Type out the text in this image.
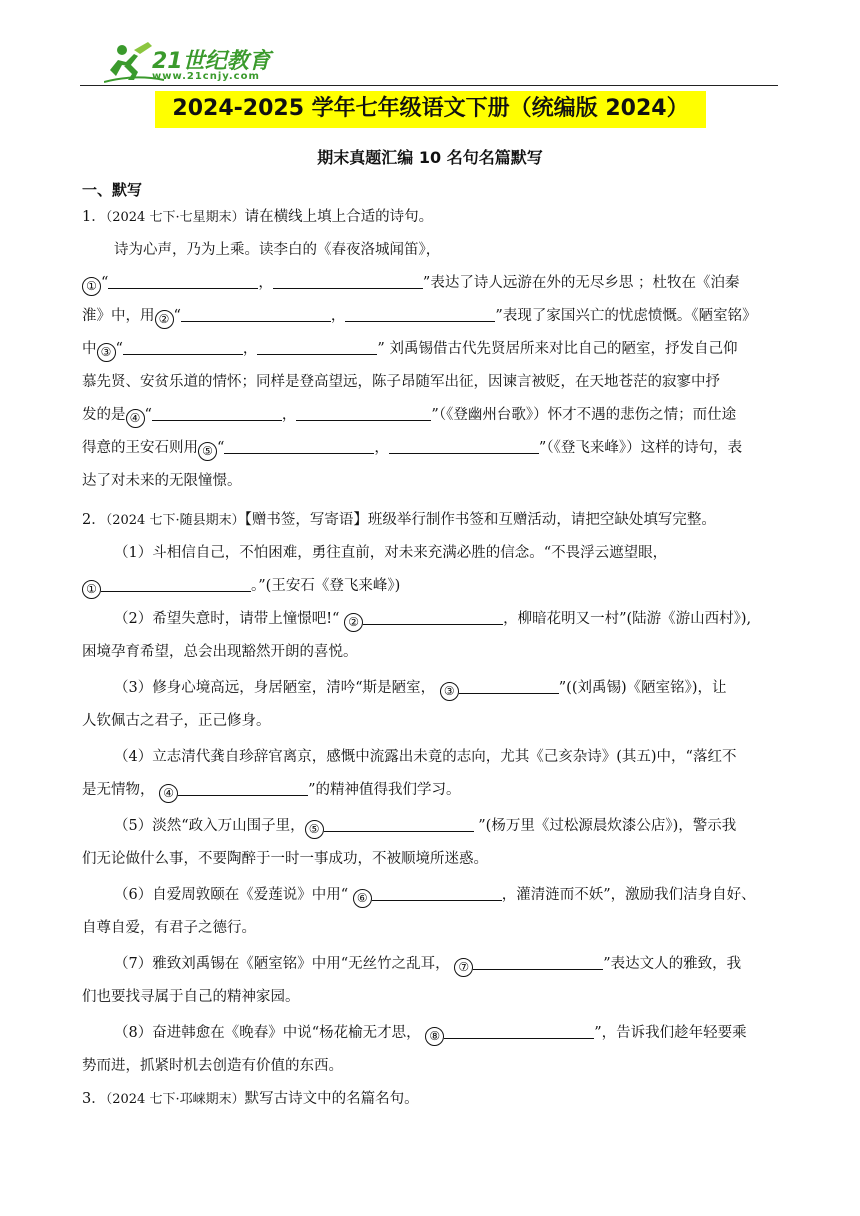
21世纪教育
www.21cnjy.com
2024-2025 学年七年级语文下册（统编版 2024）
期末真题汇编 10 名句名篇默写
一、默写
1．（2024 七下·七星期末）请在横线上填上合适的诗句。
诗为心声，乃为上乘。读李白的《春夜洛城闻笛》，
① “	，	”表达了诗人远游在外的无尽乡思 ；杜牧在《泊秦
淮》中，用 ② “	，	”表现了家国兴亡的忧虑愤慨。《陋室铭》
中 ③ “	，	” 刘禹锡借古代先贤居所来对比自己的陋室，抒发自己仰
慕先贤、安贫乐道的情怀；同样是登高望远，陈子昂随军出征，因谏言被贬，在天地苍茫的寂寥中抒
发的是 ④ “	，	”（《登幽州台歌》）怀才不遇的悲伤之情；而仕途
得意的王安石则用 ⑤ “	，	”（《登飞来峰》）这样的诗句，表
达了对未来的无限憧憬。
2．（2024 七下·随县期末）【赠书签，写寄语】班级举行制作书签和互赠活动，请把空缺处填写完整。
（1）斗相信自己，不怕困难，勇往直前，对未来充满必胜的信念。“不畏浮云遮望眼，
①	。”(王安石《登飞来峰》)
（2）希望失意时，请带上憧憬吧!“ ②	，柳暗花明又一村”(陆游《游山西村》),
困境孕育希望，总会出现豁然开朗的喜悦。
（3）修身心境高远，身居陋室，清吟“斯是陋室， ③	”((刘禹锡)《陋室铭》)，让
人钦佩古之君子，正己修身。
（4）立志清代龚自珍辞官离京，感慨中流露出未竟的志向，尤其《己亥杂诗》(其五)中，“落红不
是无情物， ④	”的精神值得我们学习。
（5）淡然“政入万山围子里， ⑤	”(杨万里《过松源晨炊漆公店》)，警示我
们无论做什么事，不要陶醉于一时一事成功，不被顺境所迷惑。
（6）自爱周敦颐在《爱莲说》中用“ ⑥	，灌清涟而不妖”，激励我们洁身自好、
自尊自爱，有君子之德行。
（7）雅致刘禹锡在《陋室铭》中用“无丝竹之乱耳， ⑦	”表达文人的雅致，我
们也要找寻属于自己的精神家园。
（8）奋进韩愈在《晚春》中说“杨花榆无才思， ⑧	”，告诉我们趁年轻要乘
势而进，抓紧时机去创造有价值的东西。
3．（2024 七下·邛崃期末）默写古诗文中的名篇名句。
